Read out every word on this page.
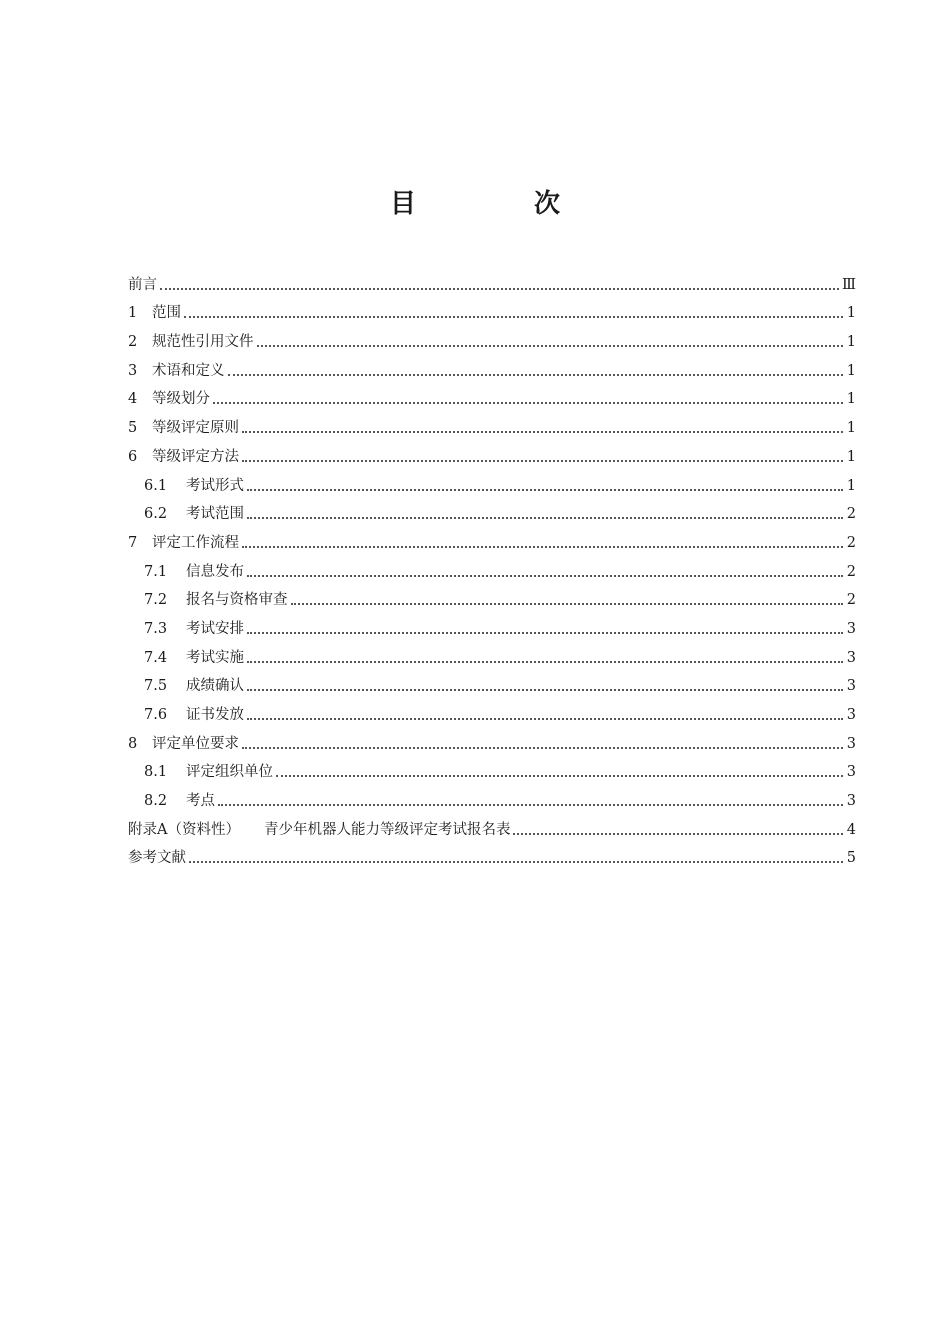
目　次
前言	Ⅲ
1	范围	1
2	规范性引用文件	1
3	术语和定义	1
4	等级划分	1
5	等级评定原则	1
6	等级评定方法	1
6.1	考试形式	1
6.2	考试范围	2
7	评定工作流程	2
7.1	信息发布	2
7.2	报名与资格审查	2
7.3	考试安排	3
7.4	考试实施	3
7.5	成绩确认	3
7.6	证书发放	3
8	评定单位要求	3
8.1	评定组织单位	3
8.2	考点	3
附录A（资料性） 青少年机器人能力等级评定考试报名表	4
参考文献	5
